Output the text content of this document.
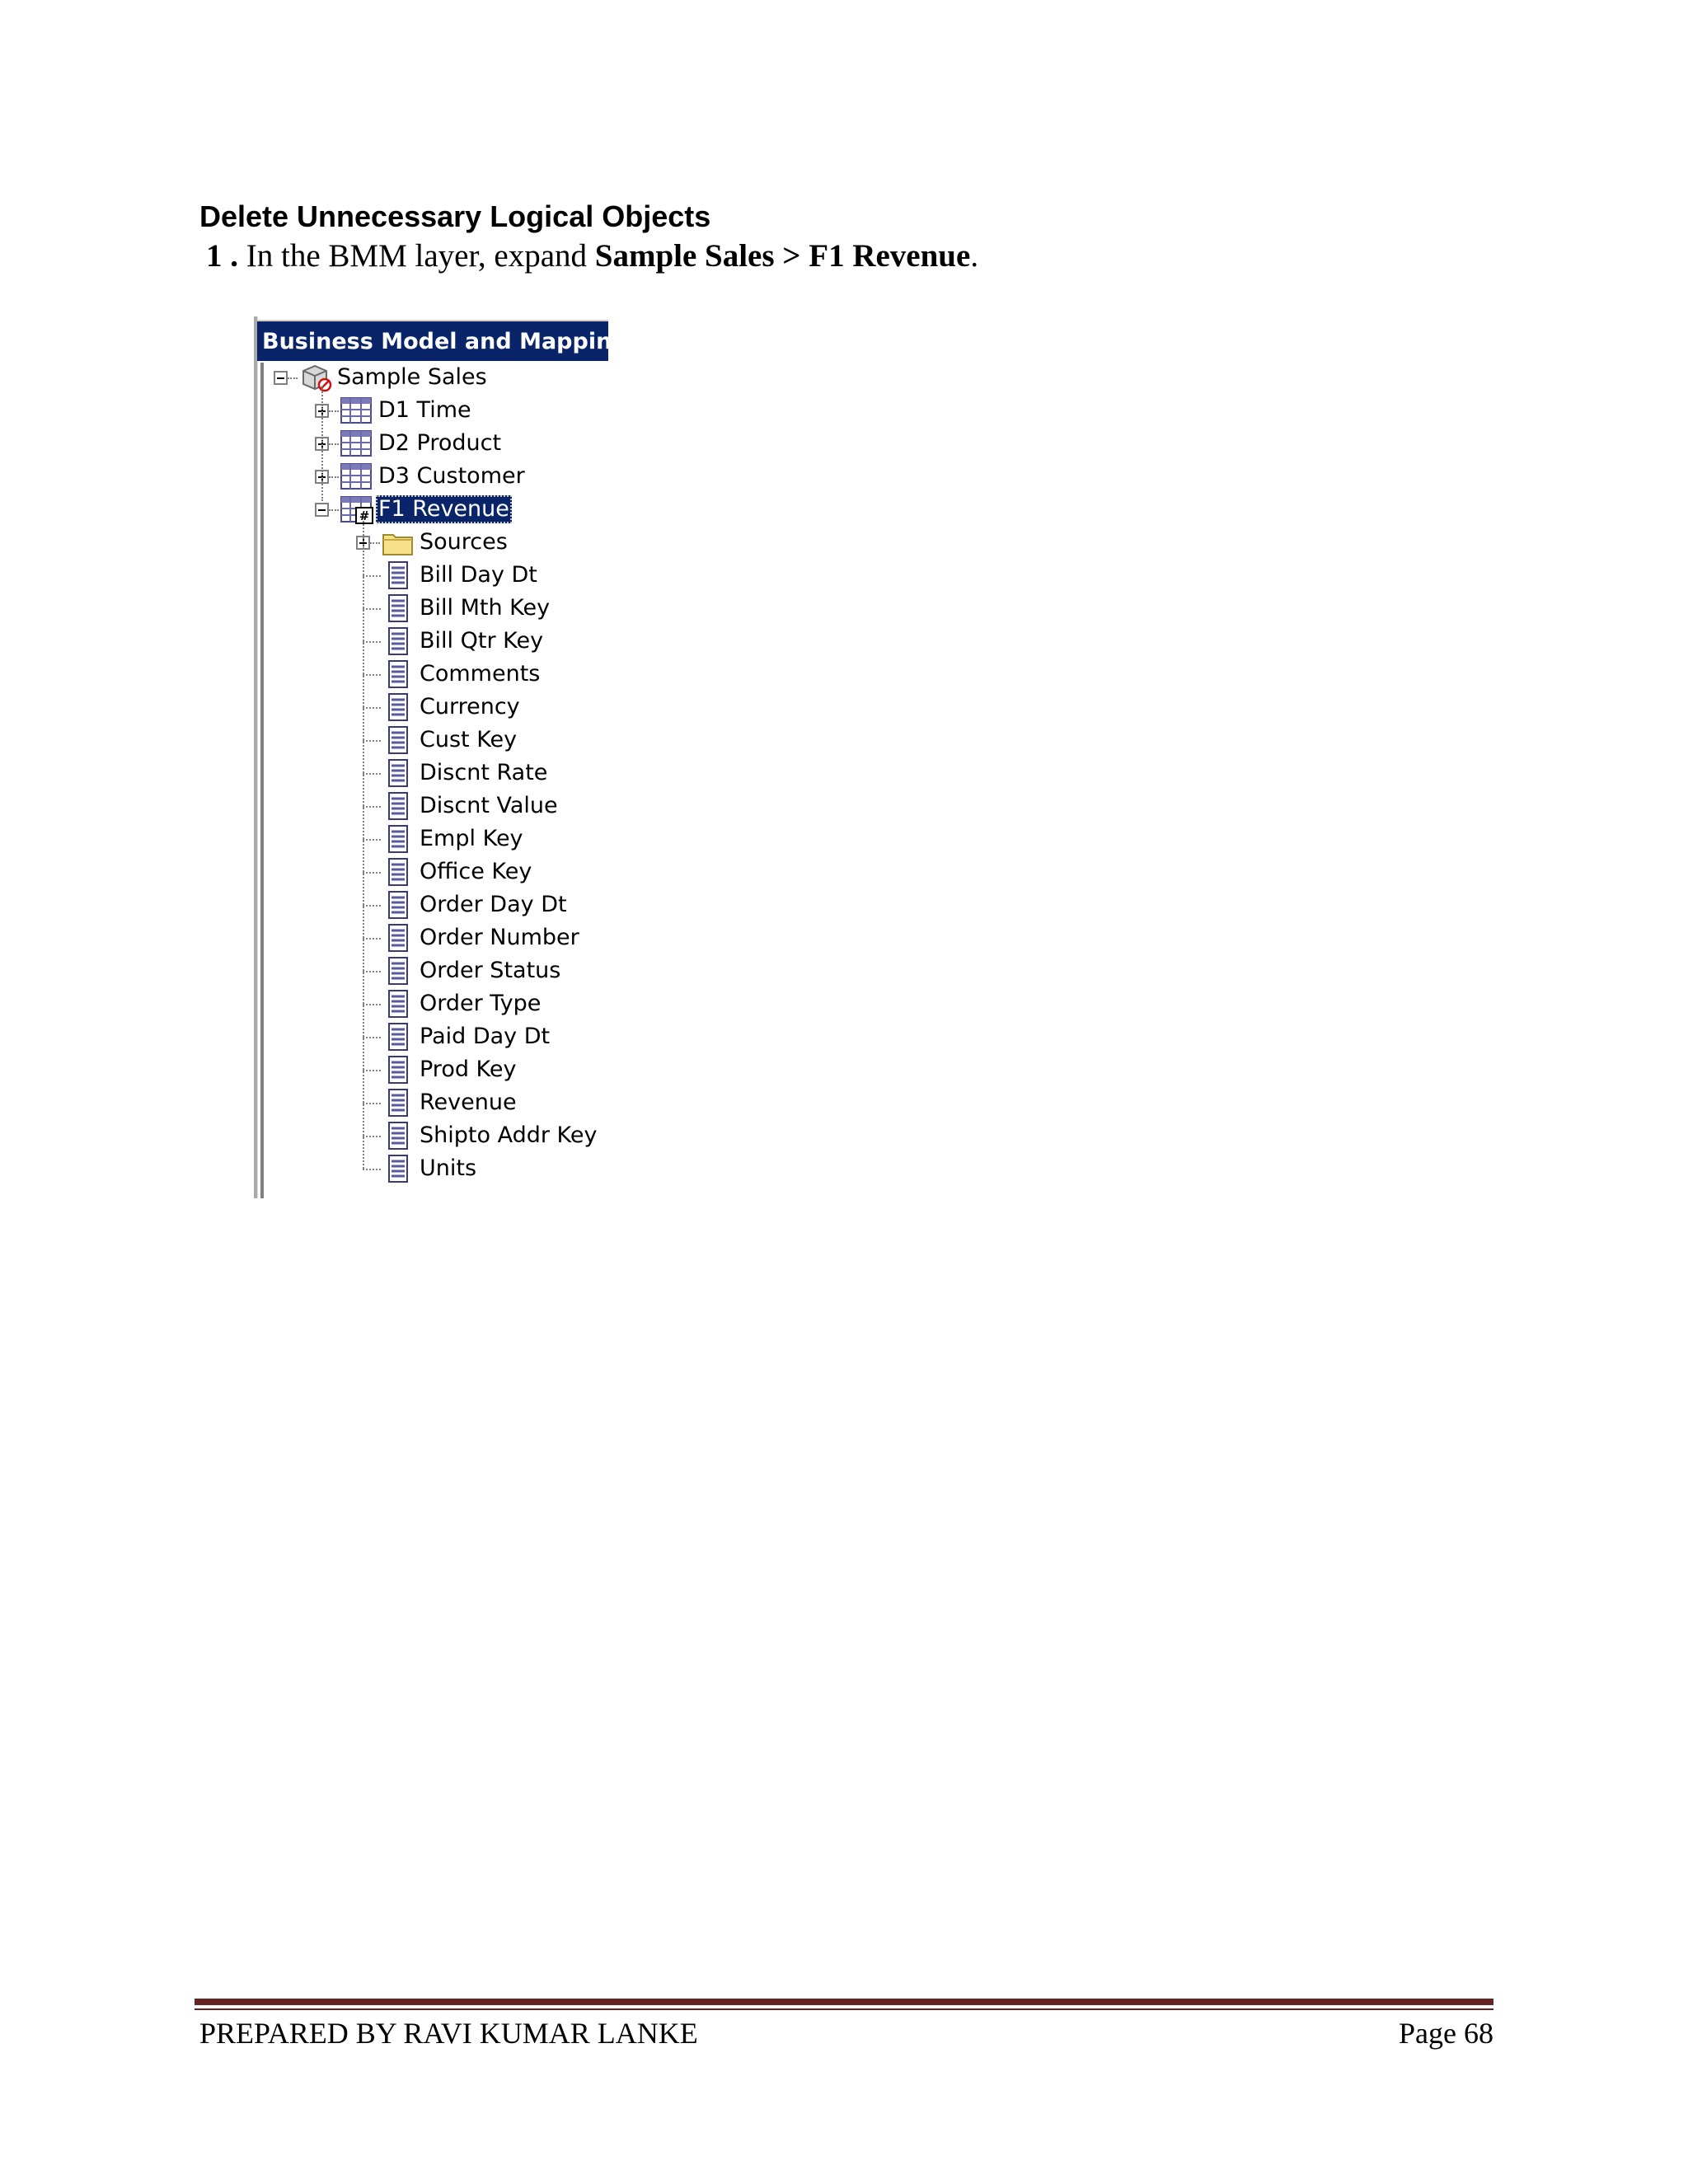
Delete Unnecessary Logical Objects
1 . In the BMM layer, expand Sample Sales > F1 Revenue.
Business Model and Mapping
Sample Sales
D1 Time
D2 Product
D3 Customer
# F1 Revenue
Sources
Bill Day Dt
Bill Mth Key
Bill Qtr Key
Comments
Currency
Cust Key
Discnt Rate
Discnt Value
Empl Key
Office Key
Order Day Dt
Order Number
Order Status
Order Type
Paid Day Dt
Prod Key
Revenue
Shipto Addr Key
Units
PREPARED BY RAVI KUMAR LANKE	Page 68
